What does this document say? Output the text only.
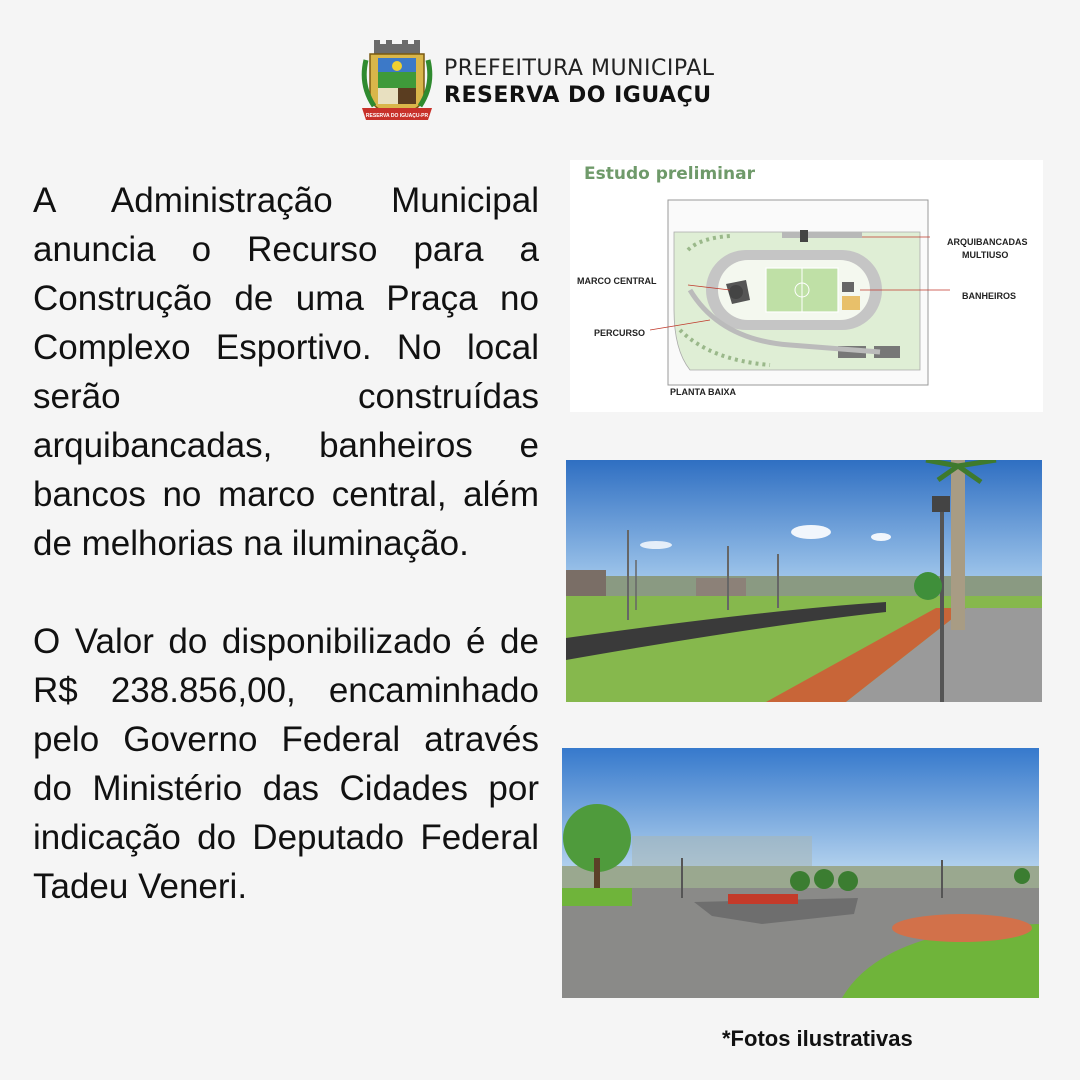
RESERVA DO IGUAÇU-PR
PREFEITURA MUNICIPAL
RESERVA DO IGUAÇU

A Administração Municipal anuncia o Recurso para a Construção de uma Praça no Complexo Esportivo. No local serão construídas arquibancadas, banheiros e bancos no marco central, além de melhorias na iluminação.

O Valor do disponibilizado é de R$ 238.856,00, encaminhado pelo Governo Federal através do Ministério das Cidades por indicação do Deputado Federal Tadeu Veneri.

Estudo preliminar
MARCO CENTRAL
PERCURSO
ARQUIBANCADAS
MULTIUSO
BANHEIROS
PLANTA BAIXA
*Fotos ilustrativas
